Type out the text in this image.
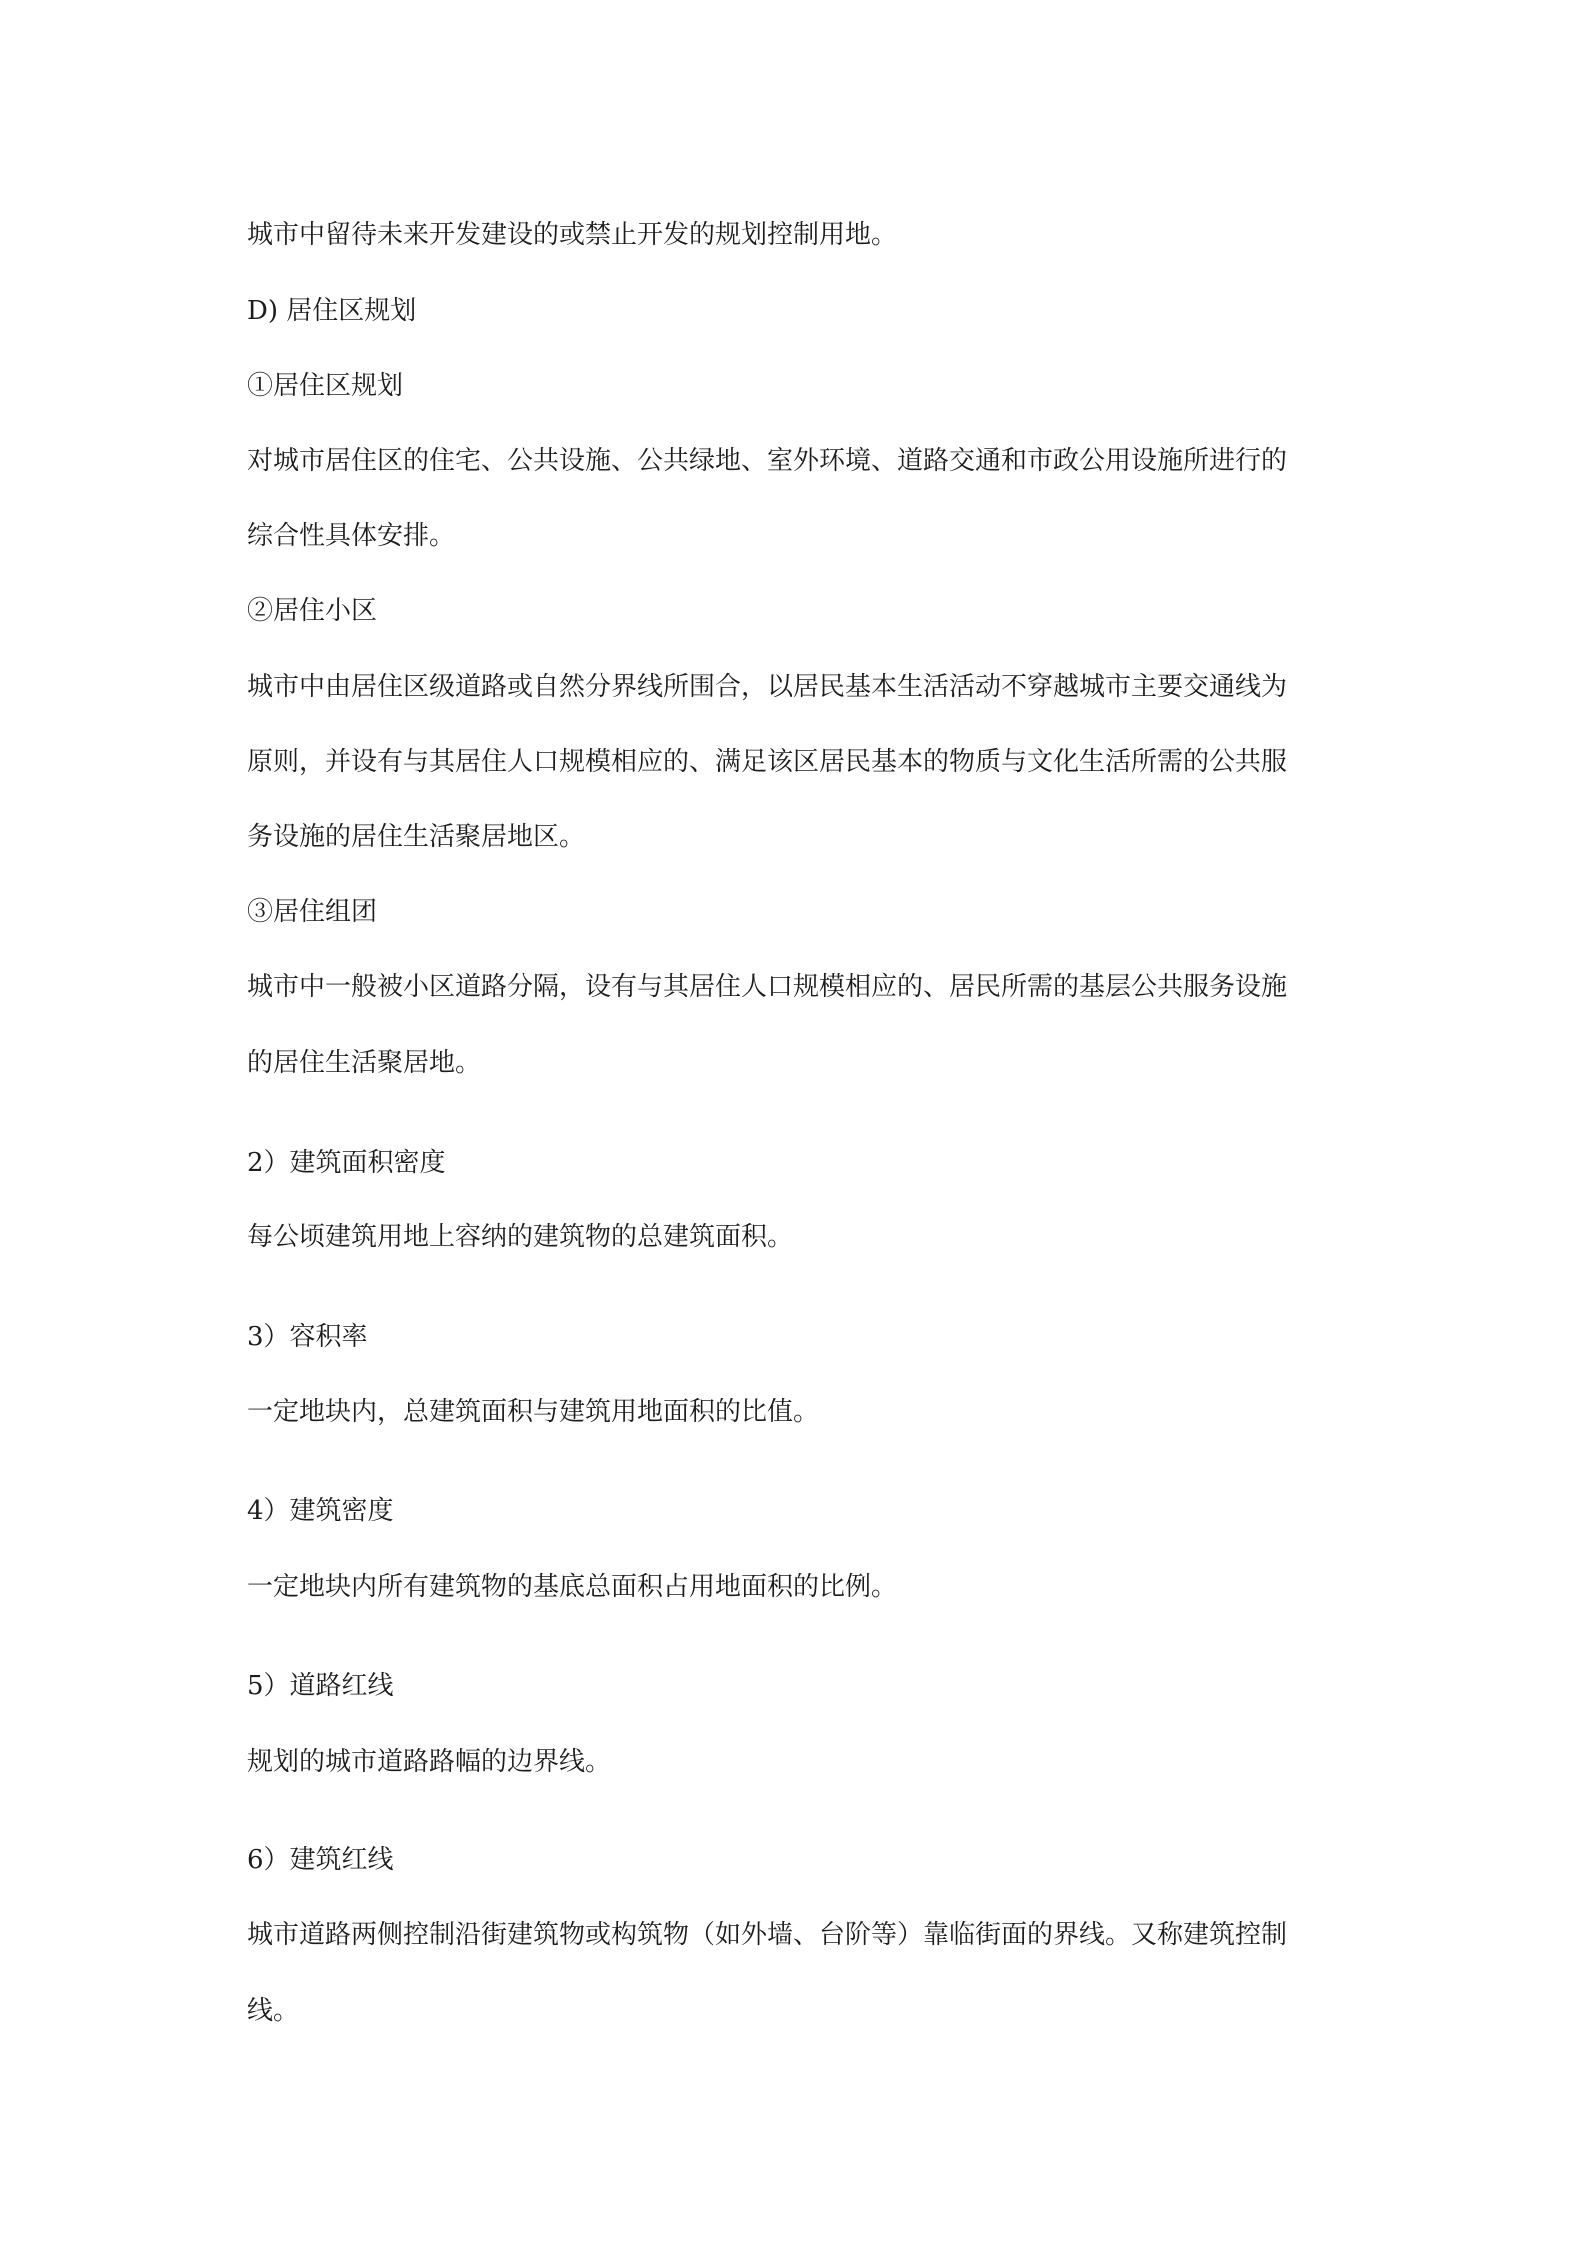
城市中留待未来开发建设的或禁止开发的规划控制用地。
D) 居住区规划
①居住区规划
对城市居住区的住宅、公共设施、公共绿地、室外环境、道路交通和市政公用设施所进行的
综合性具体安排。
②居住小区
城市中由居住区级道路或自然分界线所围合，以居民基本生活活动不穿越城市主要交通线为
原则，并设有与其居住人口规模相应的、满足该区居民基本的物质与文化生活所需的公共服
务设施的居住生活聚居地区。
③居住组团
城市中一般被小区道路分隔，设有与其居住人口规模相应的、居民所需的基层公共服务设施
的居住生活聚居地。
2）建筑面积密度
每公顷建筑用地上容纳的建筑物的总建筑面积。
3）容积率
一定地块内，总建筑面积与建筑用地面积的比值。
4）建筑密度
一定地块内所有建筑物的基底总面积占用地面积的比例。
5）道路红线
规划的城市道路路幅的边界线。
6）建筑红线
城市道路两侧控制沿街建筑物或构筑物（如外墙、台阶等）靠临街面的界线。又称建筑控制
线。
